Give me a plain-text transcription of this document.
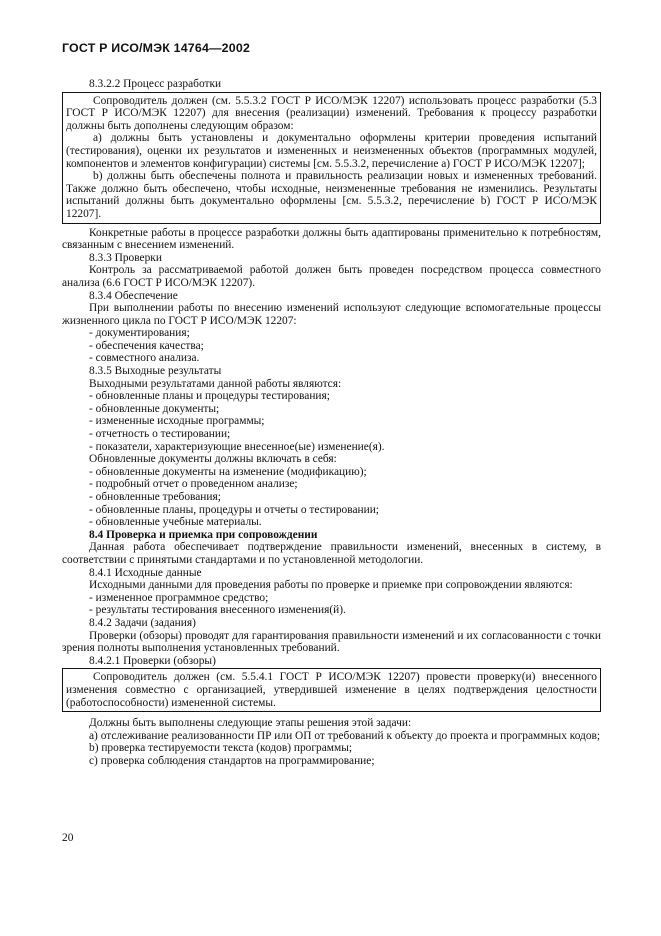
ГОСТ Р ИСО/МЭК 14764—2002

8.3.2.2 Процесс разработки

Сопроводитель должен (см. 5.5.3.2 ГОСТ Р ИСО/МЭК 12207) использовать процесс разработки (5.3 ГОСТ Р ИСО/МЭК 12207) для внесения (реализации) изменений. Требования к процессу разработки должны быть дополнены следующим образом:

а) должны быть установлены и документально оформлены критерии проведения испытаний (тестирования), оценки их результатов и измененных и неизмененных объектов (программных модулей, компонентов и элементов конфигурации) системы [см. 5.5.3.2, перечисление а) ГОСТ Р ИСО/МЭК 12207];

b) должны быть обеспечены полнота и правильность реализации новых и измененных требований. Также должно быть обеспечено, чтобы исходные, неизмененные требования не изменились. Результаты испытаний должны быть документально оформлены [см. 5.5.3.2, перечисление b) ГОСТ Р ИСО/МЭК 12207].

Конкретные работы в процессе разработки должны быть адаптированы применительно к потребностям, связанным с внесением изменений.

8.3.3 Проверки

Контроль за рассматриваемой работой должен быть проведен посредством процесса совместного анализа (6.6 ГОСТ Р ИСО/МЭК 12207).

8.3.4 Обеспечение

При выполнении работы по внесению изменений используют следующие вспомогательные процессы жизненного цикла по ГОСТ Р ИСО/МЭК 12207:

- документирования;

- обеспечения качества;

- совместного анализа.

8.3.5 Выходные результаты

Выходными результатами данной работы являются:

- обновленные планы и процедуры тестирования;

- обновленные документы;

- измененные исходные программы;

- отчетность о тестировании;

- показатели, характеризующие внесенное(ые) изменение(я).

Обновленные документы должны включать в себя:

- обновленные документы на изменение (модификацию);

- подробный отчет о проведенном анализе;

- обновленные требования;

- обновленные планы, процедуры и отчеты о тестировании;

- обновленные учебные материалы.

8.4 Проверка и приемка при сопровождении

Данная работа обеспечивает подтверждение правильности изменений, внесенных в систему, в соответствии с принятыми стандартами и по установленной методологии.

8.4.1 Исходные данные

Исходными данными для проведения работы по проверке и приемке при сопровождении являются:

- измененное программное средство;

- результаты тестирования внесенного изменения(й).

8.4.2 Задачи (задания)

Проверки (обзоры) проводят для гарантирования правильности изменений и их согласованности с точки зрения полноты выполнения установленных требований.

8.4.2.1 Проверки (обзоры)

Сопроводитель должен (см. 5.5.4.1 ГОСТ Р ИСО/МЭК 12207) провести проверку(и) внесенного изменения совместно с организацией, утвердившей изменение в целях подтверждения целостности (работоспособности) измененной системы.

Должны быть выполнены следующие этапы решения этой задачи:

а) отслеживание реализованности ПР или ОП от требований к объекту до проекта и программных кодов;

b) проверка тестируемости текста (кодов) программы;

с) проверка соблюдения стандартов на программирование;

20
